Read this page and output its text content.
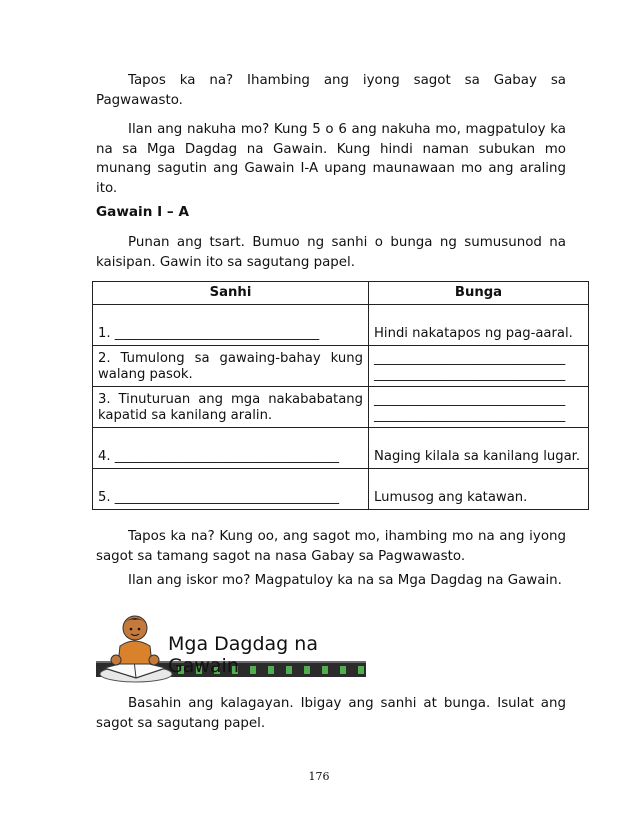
Tapos ka na? Ihambing ang iyong sagot sa Gabay sa Pagwawasto.

Ilan ang nakuha mo? Kung 5 o 6 ang nakuha mo, magpatuloy ka na sa Mga Dagdag na Gawain. Kung hindi naman subukan mo munang sagutin ang Gawain I-A upang maunawaan mo ang araling ito.

Gawain I – A

Punan ang tsart. Bumuo ng sanhi o bunga ng sumusunod na kaisipan. Gawin ito sa sagutang papel.

Sanhi	Bunga
1. _______________________________	Hindi nakatapos ng pag-aaral.
2. Tumulong sa gawaing-bahay kung walang pasok.	_____________________________ _____________________________
3. Tinuturuan ang mga nakababatang kapatid sa kanilang aralin.	_____________________________ _____________________________
4. __________________________________	Naging kilala sa kanilang lugar.
5. __________________________________	Lumusog ang katawan.

Tapos ka na? Kung oo, ang sagot mo, ihambing mo na ang iyong sagot sa tamang sagot na nasa Gabay sa Pagwawasto.

Ilan ang iskor mo? Magpatuloy ka na sa Mga Dagdag na Gawain.

Mga Dagdag na Gawain

Basahin ang kalagayan. Ibigay ang sanhi at bunga. Isulat ang sagot sa sagutang papel.

176
